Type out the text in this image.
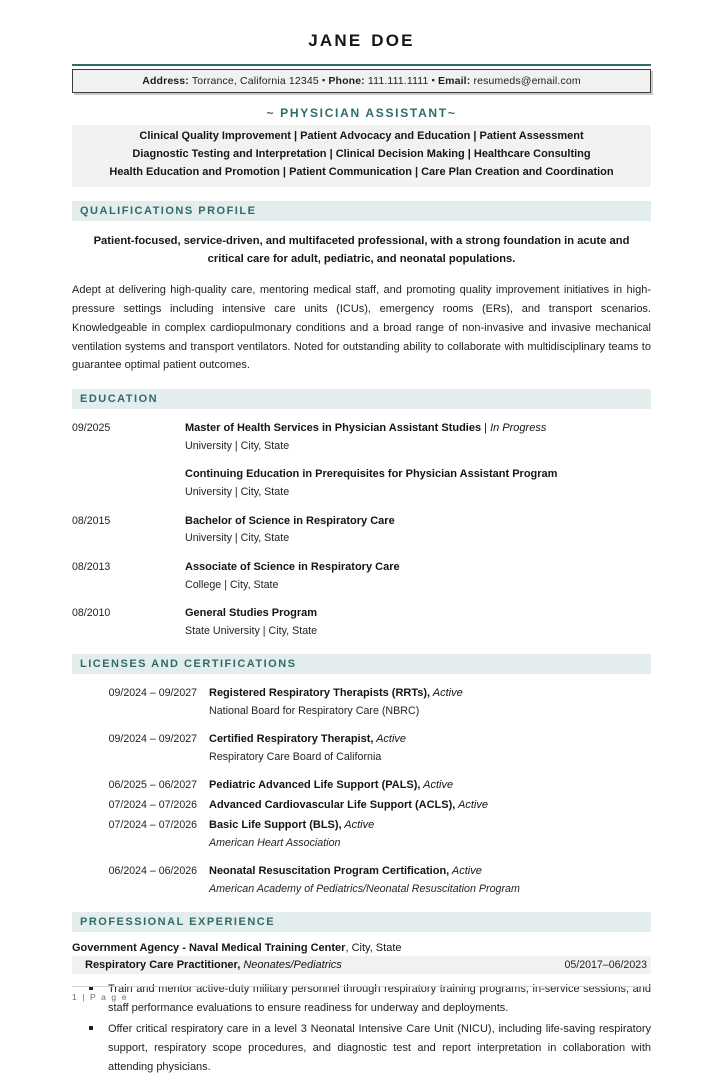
jane doe
Address: Torrance, California 12345 ▪ Phone: 111.111.1111 ▪ Email: resumeds@email.com
~ PHYSICIAN ASSISTANT~
Clinical Quality Improvement | Patient Advocacy and Education | Patient Assessment
Diagnostic Testing and Interpretation | Clinical Decision Making | Healthcare Consulting
Health Education and Promotion | Patient Communication | Care Plan Creation and Coordination
QUALIFICATIONS PROFILE
Patient-focused, service-driven, and multifaceted professional, with a strong foundation in acute and critical care for adult, pediatric, and neonatal populations.
Adept at delivering high-quality care, mentoring medical staff, and promoting quality improvement initiatives in high-pressure settings including intensive care units (ICUs), emergency rooms (ERs), and transport scenarios. Knowledgeable in complex cardiopulmonary conditions and a broad range of non-invasive and invasive mechanical ventilation systems and transport ventilators. Noted for outstanding ability to collaborate with multidisciplinary teams to guarantee optimal patient outcomes.
EDUCATION
09/2025	Master of Health Services in Physician Assistant Studies | In Progress
University | City, State
Continuing Education in Prerequisites for Physician Assistant Program
University | City, State
08/2015	Bachelor of Science in Respiratory Care
University | City, State
08/2013	Associate of Science in Respiratory Care
College | City, State
08/2010	General Studies Program
State University | City, State
LICENSES AND CERTIFICATIONS
09/2024 – 09/2027	Registered Respiratory Therapists (RRTs), Active
National Board for Respiratory Care (NBRC)
09/2024 – 09/2027	Certified Respiratory Therapist, Active
Respiratory Care Board of California
06/2025 – 06/2027	Pediatric Advanced Life Support (PALS), Active
07/2024 – 07/2026	Advanced Cardiovascular Life Support (ACLS), Active
07/2024 – 07/2026	Basic Life Support (BLS), Active
American Heart Association
06/2024 – 06/2026	Neonatal Resuscitation Program Certification, Active
American Academy of Pediatrics/Neonatal Resuscitation Program
PROFESSIONAL EXPERIENCE
Government Agency - Naval Medical Training Center, City, State
Respiratory Care Practitioner, Neonates/Pediatrics	05/2017–06/2023
Train and mentor active-duty military personnel through respiratory training programs, in-service sessions, and staff performance evaluations to ensure readiness for underway and deployments.
Offer critical respiratory care in a level 3 Neonatal Intensive Care Unit (NICU), including life-saving respiratory support, respiratory scope procedures, and diagnostic test and report interpretation in collaboration with attending physicians.
1 | P a g e
